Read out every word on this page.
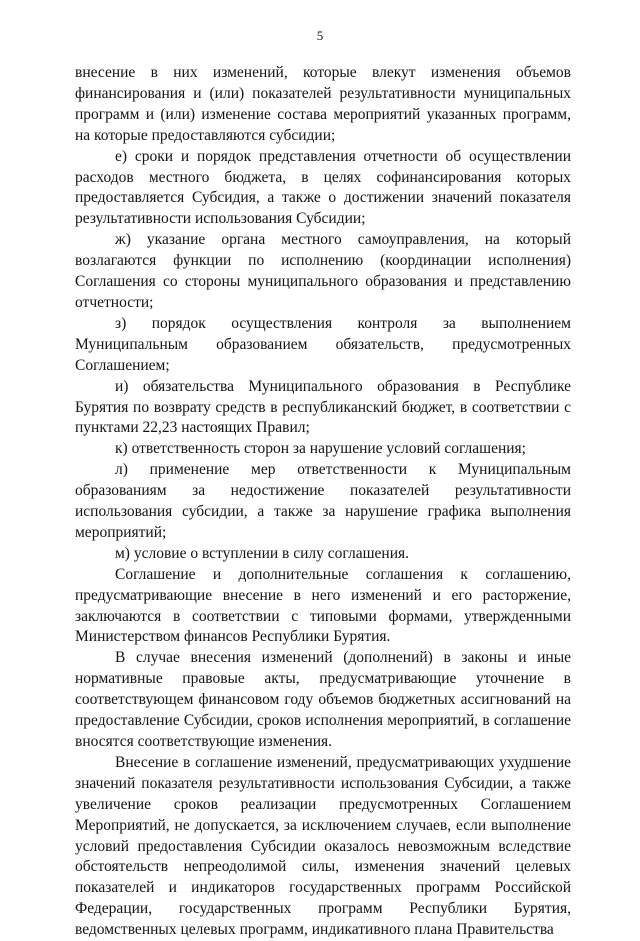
5

внесение в них изменений, которые влекут изменения объемов финансирования и (или) показателей результативности муниципальных программ и (или) изменение состава мероприятий указанных программ, на которые предоставляются субсидии;

е) сроки и порядок представления отчетности об осуществлении расходов местного бюджета, в целях софинансирования которых предоставляется Субсидия, а также о достижении значений показателя результативности использования Субсидии;

ж) указание органа местного самоуправления, на который возлагаются функции по исполнению (координации исполнения) Соглашения со стороны муниципального образования и представлению отчетности;

з) порядок осуществления контроля за выполнением Муниципальным образованием обязательств, предусмотренных Соглашением;

и) обязательства Муниципального образования в Республике Бурятия по возврату средств в республиканский бюджет, в соответствии с пунктами 22,23 настоящих Правил;

к) ответственность сторон за нарушение условий соглашения;

л) применение мер ответственности к Муниципальным образованиям за недостижение показателей результативности использования субсидии, а также за нарушение графика выполнения мероприятий;

м) условие о вступлении в силу соглашения.

Соглашение и дополнительные соглашения к соглашению, предусматривающие внесение в него изменений и его расторжение, заключаются в соответствии с типовыми формами, утвержденными Министерством финансов Республики Бурятия.

В случае внесения изменений (дополнений) в законы и иные нормативные правовые акты, предусматривающие уточнение в соответствующем финансовом году объемов бюджетных ассигнований на предоставление Субсидии, сроков исполнения мероприятий, в соглашение вносятся соответствующие изменения.

Внесение в соглашение изменений, предусматривающих ухудшение значений показателя результативности использования Субсидии, а также увеличение сроков реализации предусмотренных Соглашением Мероприятий, не допускается, за исключением случаев, если выполнение условий предоставления Субсидии оказалось невозможным вследствие обстоятельств непреодолимой силы, изменения значений целевых показателей и индикаторов государственных программ Российской Федерации, государственных программ Республики Бурятия, ведомственных целевых программ, индикативного плана Правительства
